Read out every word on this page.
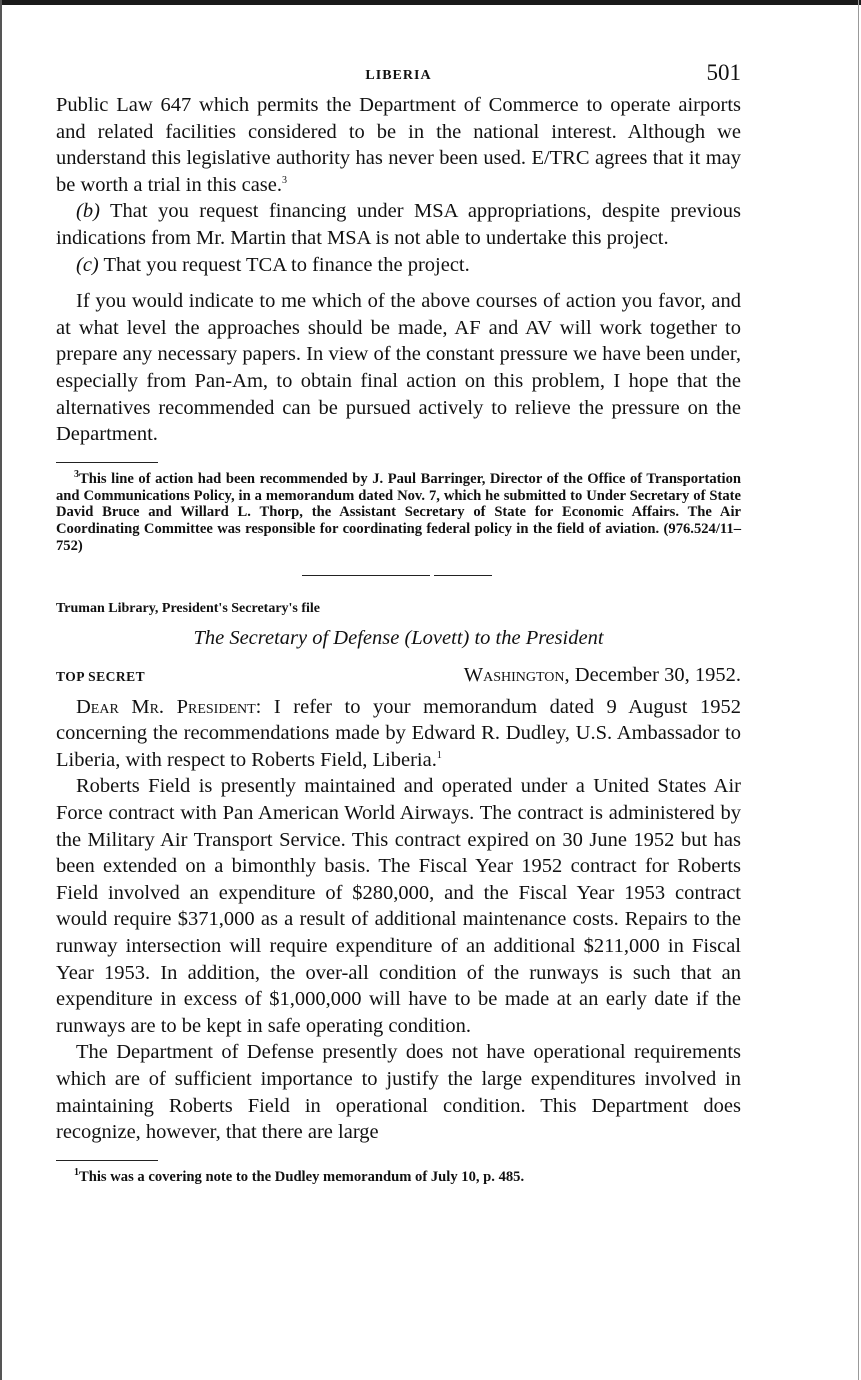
LIBERIA	501

Public Law 647 which permits the Department of Commerce to operate airports and related facilities considered to be in the national interest. Although we understand this legislative authority has never been used. E/TRC agrees that it may be worth a trial in this case.$^3$

(b) That you request financing under MSA appropriations, despite previous indications from Mr. Martin that MSA is not able to undertake this project.

(c) That you request TCA to finance the project.

If you would indicate to me which of the above courses of action you favor, and at what level the approaches should be made, AF and AV will work together to prepare any necessary papers. In view of the constant pressure we have been under, especially from Pan-Am, to obtain final action on this problem, I hope that the alternatives recommended can be pursued actively to relieve the pressure on the Department.

$^3$This line of action had been recommended by J. Paul Barringer, Director of the Office of Transportation and Communications Policy, in a memorandum dated Nov. 7, which he submitted to Under Secretary of State David Bruce and Willard L. Thorp, the Assistant Secretary of State for Economic Affairs. The Air Coordinating Committee was responsible for coordinating federal policy in the field of aviation. (976.524/11–752)

Truman Library, President's Secretary's file

The Secretary of Defense (Lovett) to the President

TOP SECRET	Washington, December 30, 1952.

Dear Mr. President: I refer to your memorandum dated 9 August 1952 concerning the recommendations made by Edward R. Dudley, U.S. Ambassador to Liberia, with respect to Roberts Field, Liberia.$^1$

Roberts Field is presently maintained and operated under a United States Air Force contract with Pan American World Airways. The contract is administered by the Military Air Transport Service. This contract expired on 30 June 1952 but has been extended on a bimonthly basis. The Fiscal Year 1952 contract for Roberts Field involved an expenditure of $280,000, and the Fiscal Year 1953 contract would require $371,000 as a result of additional maintenance costs. Repairs to the runway intersection will require expenditure of an additional $211,000 in Fiscal Year 1953. In addition, the over-all condition of the runways is such that an expenditure in excess of $1,000,000 will have to be made at an early date if the runways are to be kept in safe operating condition.

The Department of Defense presently does not have operational requirements which are of sufficient importance to justify the large expenditures involved in maintaining Roberts Field in operational condition. This Department does recognize, however, that there are large

$^1$This was a covering note to the Dudley memorandum of July 10, p. 485.
